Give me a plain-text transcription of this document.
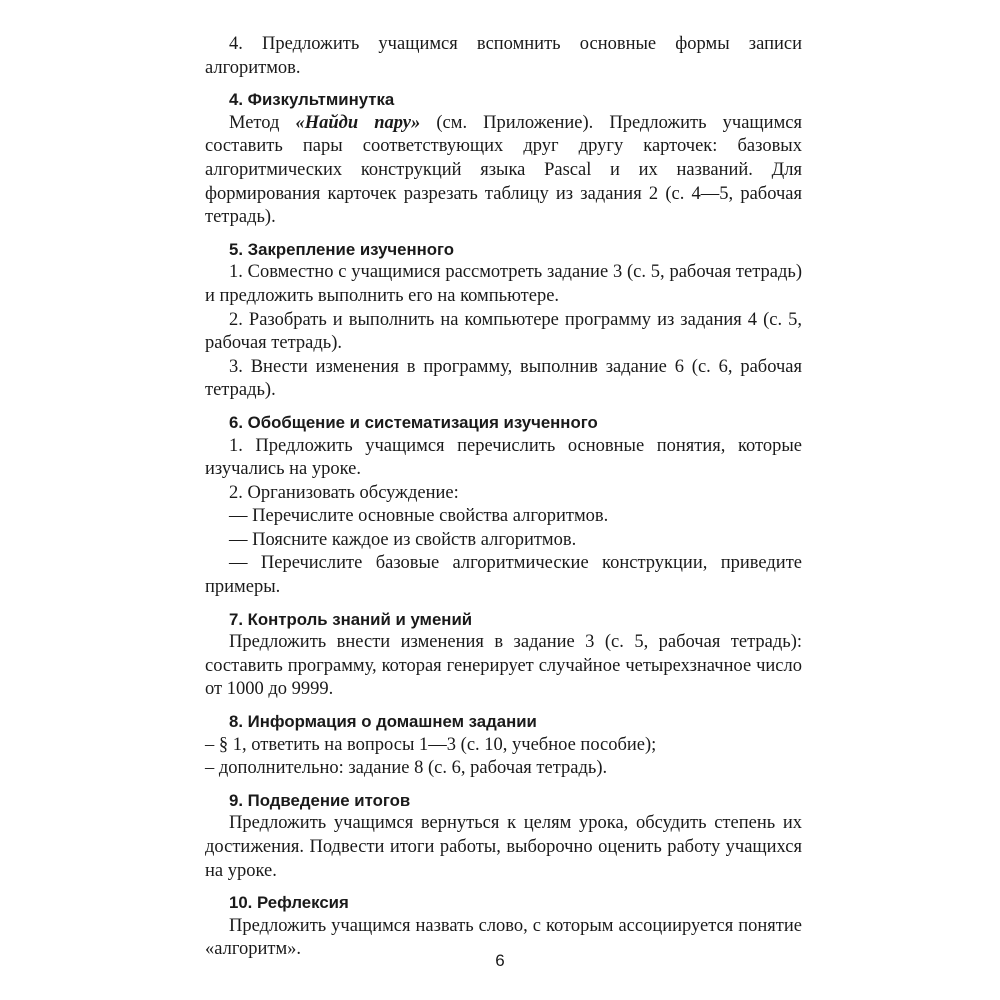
4. Предложить учащимся вспомнить основные формы записи алгоритмов.

4. Физкультминутка

Метод «Найди пару» (см. Приложение). Предложить учащимся составить пары соответствующих друг другу карточек: базовых алгоритмических конструкций языка Pascal и их названий. Для формирования карточек разрезать таблицу из задания 2 (с. 4—5, рабочая тетрадь).

5. Закрепление изученного

1. Совместно с учащимися рассмотреть задание 3 (с. 5, рабочая тетрадь) и предложить выполнить его на компьютере.

2. Разобрать и выполнить на компьютере программу из задания 4 (с. 5, рабочая тетрадь).

3. Внести изменения в программу, выполнив задание 6 (с. 6, рабочая тетрадь).

6. Обобщение и систематизация изученного

1. Предложить учащимся перечислить основные понятия, которые изучались на уроке.

2. Организовать обсуждение:

— Перечислите основные свойства алгоритмов.

— Поясните каждое из свойств алгоритмов.

— Перечислите базовые алгоритмические конструкции, приведите примеры.

7. Контроль знаний и умений

Предложить внести изменения в задание 3 (с. 5, рабочая тетрадь): составить программу, которая генерирует случайное четырехзначное число от 1000 до 9999.

8. Информация о домашнем задании

– § 1, ответить на вопросы 1—3 (с. 10, учебное пособие);

– дополнительно: задание 8 (с. 6, рабочая тетрадь).

9. Подведение итогов

Предложить учащимся вернуться к целям урока, обсудить степень их достижения. Подвести итоги работы, выборочно оценить работу учащихся на уроке.

10. Рефлексия

Предложить учащимся назвать слово, с которым ассоциируется понятие «алгоритм».

6
